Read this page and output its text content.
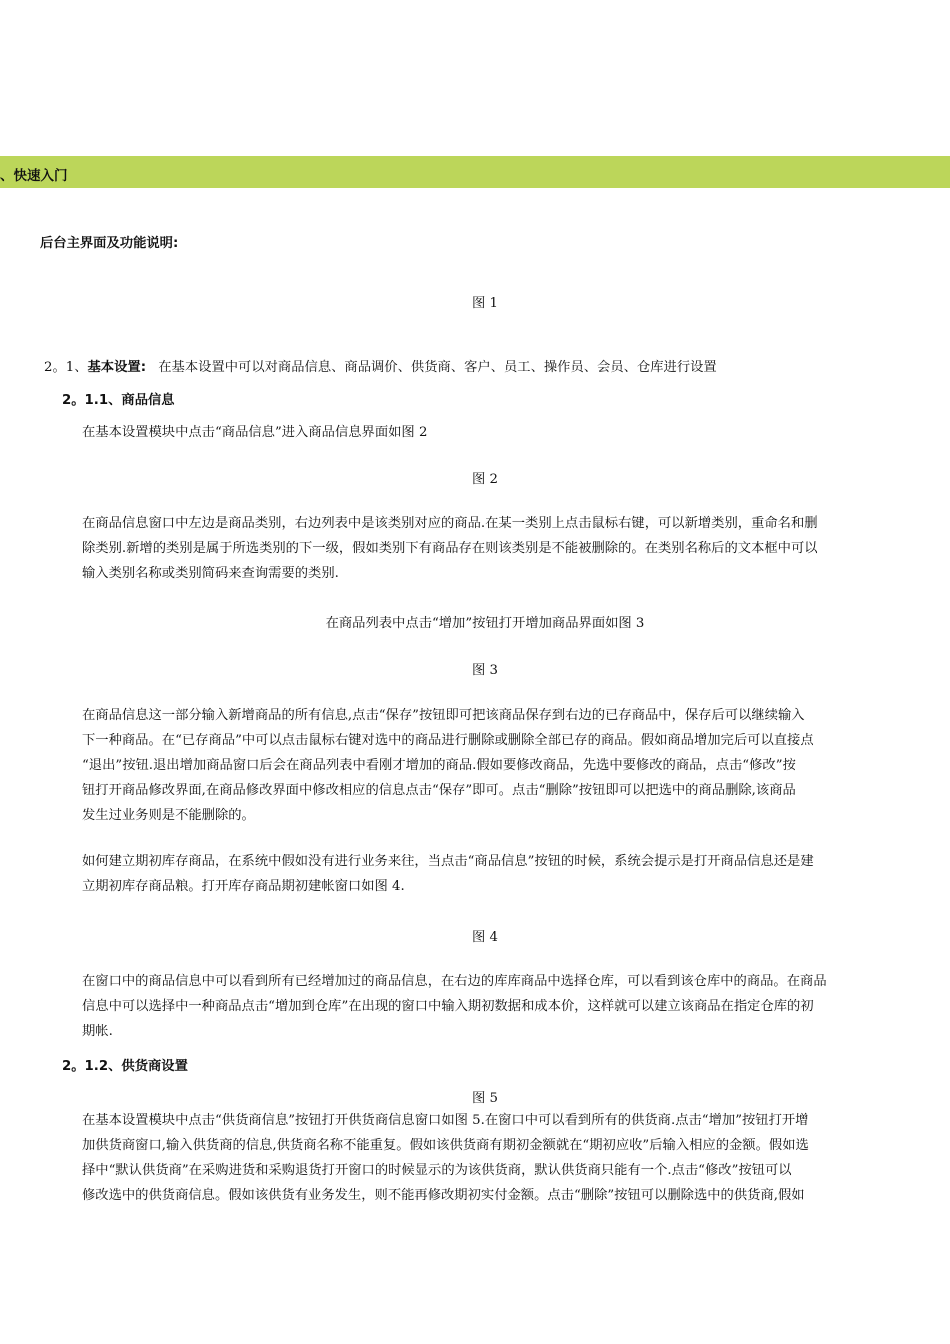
、快速入门
后台主界面及功能说明:
图 1
2。1、基本设置: 在基本设置中可以对商品信息、商品调价、供货商、客户、员工、操作员、会员、仓库进行设置
2。1.1、商品信息
在基本设置模块中点击“商品信息”进入商品信息界面如图 2
图 2
在商品信息窗口中左边是商品类别，右边列表中是该类别对应的商品.在某一类别上点击鼠标右键，可以新增类别，重命名和删
除类别.新增的类别是属于所选类别的下一级，假如类别下有商品存在则该类别是不能被删除的。在类别名称后的文本框中可以
输入类别名称或类别简码来查询需要的类别.
在商品列表中点击“增加”按钮打开增加商品界面如图 3
图 3
在商品信息这一部分输入新增商品的所有信息,点击“保存”按钮即可把该商品保存到右边的已存商品中，保存后可以继续输入
下一种商品。在“已存商品”中可以点击鼠标右键对选中的商品进行删除或删除全部已存的商品。假如商品增加完后可以直接点
“退出”按钮.退出增加商品窗口后会在商品列表中看刚才增加的商品.假如要修改商品，先选中要修改的商品，点击“修改”按
钮打开商品修改界面,在商品修改界面中修改相应的信息点击“保存”即可。点击“删除”按钮即可以把选中的商品删除,该商品
发生过业务则是不能删除的。
如何建立期初库存商品，在系统中假如没有进行业务来往，当点击“商品信息”按钮的时候，系统会提示是打开商品信息还是建
立期初库存商品粮。打开库存商品期初建帐窗口如图 4.
图 4
在窗口中的商品信息中可以看到所有已经增加过的商品信息，在右边的库库商品中选择仓库，可以看到该仓库中的商品。在商品
信息中可以选择中一种商品点击“增加到仓库”在出现的窗口中输入期初数据和成本价，这样就可以建立该商品在指定仓库的初
期帐.
2。1.2、供货商设置
图 5
在基本设置模块中点击“供货商信息”按钮打开供货商信息窗口如图 5.在窗口中可以看到所有的供货商.点击“增加”按钮打开增
加供货商窗口,输入供货商的信息,供货商名称不能重复。假如该供货商有期初金额就在“期初应收”后输入相应的金额。假如选
择中“默认供货商”在采购进货和采购退货打开窗口的时候显示的为该供货商，默认供货商只能有一个.点击“修改”按钮可以
修改选中的供货商信息。假如该供货有业务发生，则不能再修改期初实付金额。点击“删除”按钮可以删除选中的供货商,假如
